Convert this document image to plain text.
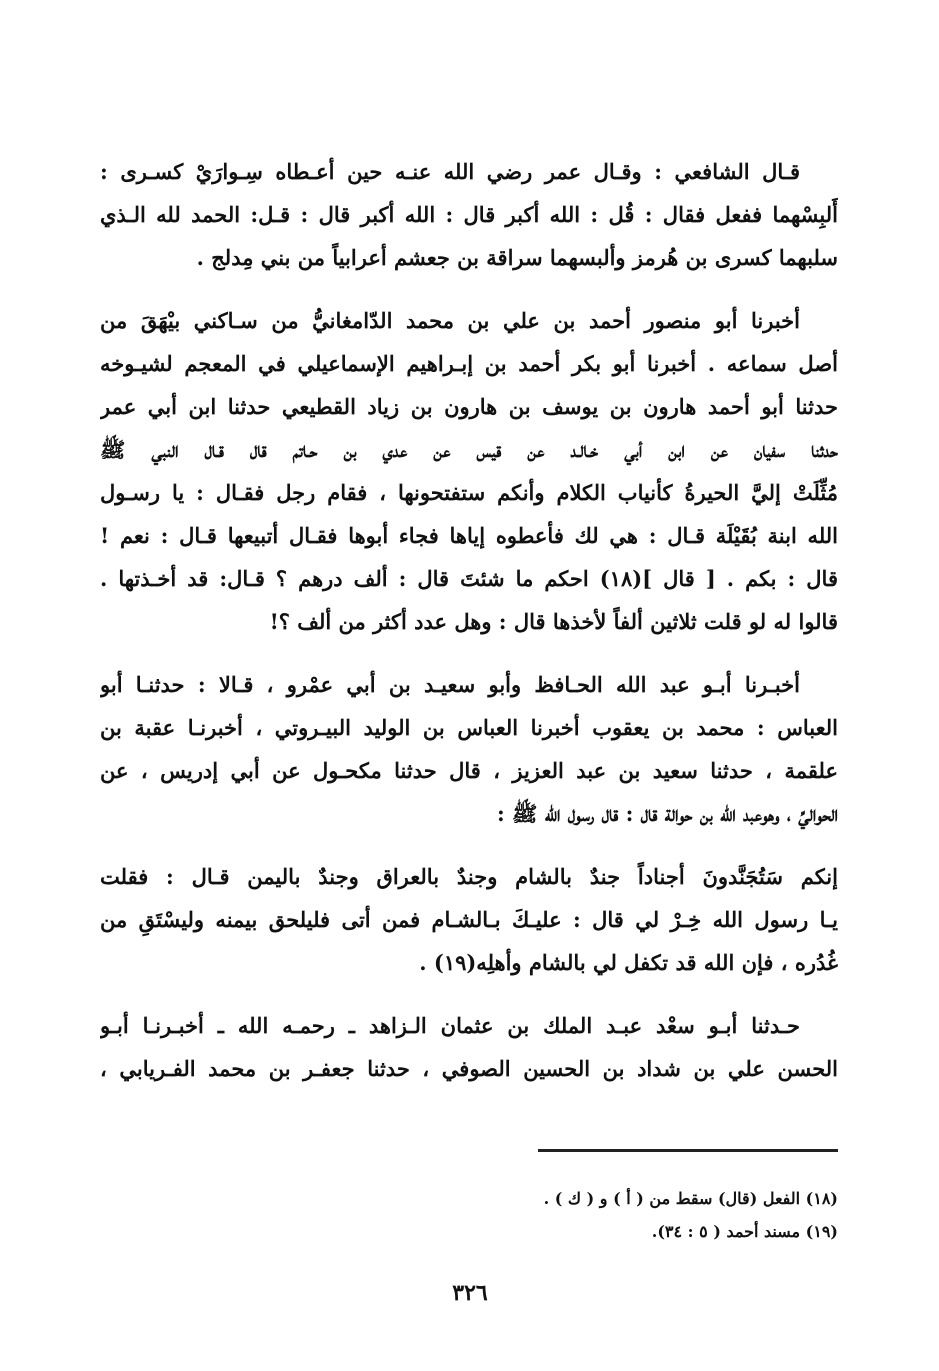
قـال الشافعي : وقـال عمر رضي الله عنـه حين أعـطاه سِـوارَيْ كسـرى :
أَلبِسْهما ففعل فقال : قُل : الله أكبر قال : الله أكبر قال : قـل: الحمد لله الـذي
سلبهما كسرى بن هُرمز وألبسهما سراقة بن جعشم أعرابياً من بني مِدلج .
أخبرنا أبو منصور أحمد بن علي بن محمد الدّامغانيُّ من سـاكني بيْهَقَ من
أصل سماعه . أخبرنا أبو بكر أحمد بن إبـراهيم الإسماعيلي في المعجم لشيـوخه
حدثنا أبو أحمد هارون بن يوسف بن هارون بن زياد القطيعي حدثنا ابن أبي عمر
حدثنا سفيان عن ابن أبي خـالـد عن قيس عن عدي بن حـاتم قال قـال النبي ﷺ
مُثِّلَتْ إليَّ الحيرةُ كأنياب الكلام وأنكم ستفتحونها ، فقام رجل فقـال : يا رسـول
الله ابنة بُقَيْلَة قـال : هي لك فأعطوه إياها فجاء أبوها فقـال أتبيعها قـال : نعم !
قال : بكم . [ قال ](١٨) احكم ما شئتَ قال : ألف درهم ؟ قـال: قد أخـذتها .
قالوا له لو قلت ثلاثين ألفاً لأخذها قال : وهل عدد أكثر من ألف ؟!
أخبـرنا أبـو عبد الله الحـافظ وأبو سعيـد بن أبي عمْرو ، قـالا : حدثنـا أبو
العباس : محمد بن يعقوب أخبرنا العباس بن الوليد البيـروتي ، أخبرنـا عقبة بن
علقمة ، حدثنا سعيد بن عبد العزيز ، قال حدثنا مكحـول عن أبي إدريس ، عن
الحواليِّ ، وهوعبد الله بن حوالة قال : قال رسول الله ﷺ :
إنكم سَتُجَنَّدونَ أجناداً جندٌ بالشام وجندٌ بالعراق وجندٌ باليمن قـال : فقلت
يـا رسول الله خِـرْ لي قال : عليـكَ بـالشـام فمن أتى فليلحق بيمنه وليسْتَقِ من
غُدُره ، فإن الله قد تكفل لي بالشام وأهلِه(١٩) .
حـدثنا أبـو سعْد عبـد الملك بن عثمان الـزاهد ـ رحمـه الله ـ أخبـرنـا أبـو
الحسن علي بن شداد بن الحسين الصوفي ، حدثنا جعفـر بن محمد الفـريابي ،
(١٨) الفعل (قال) سقط من ( أ ) و ( ك ) .
(١٩) مسند أحمد ( ٥ : ٣٤).
٣٢٦
